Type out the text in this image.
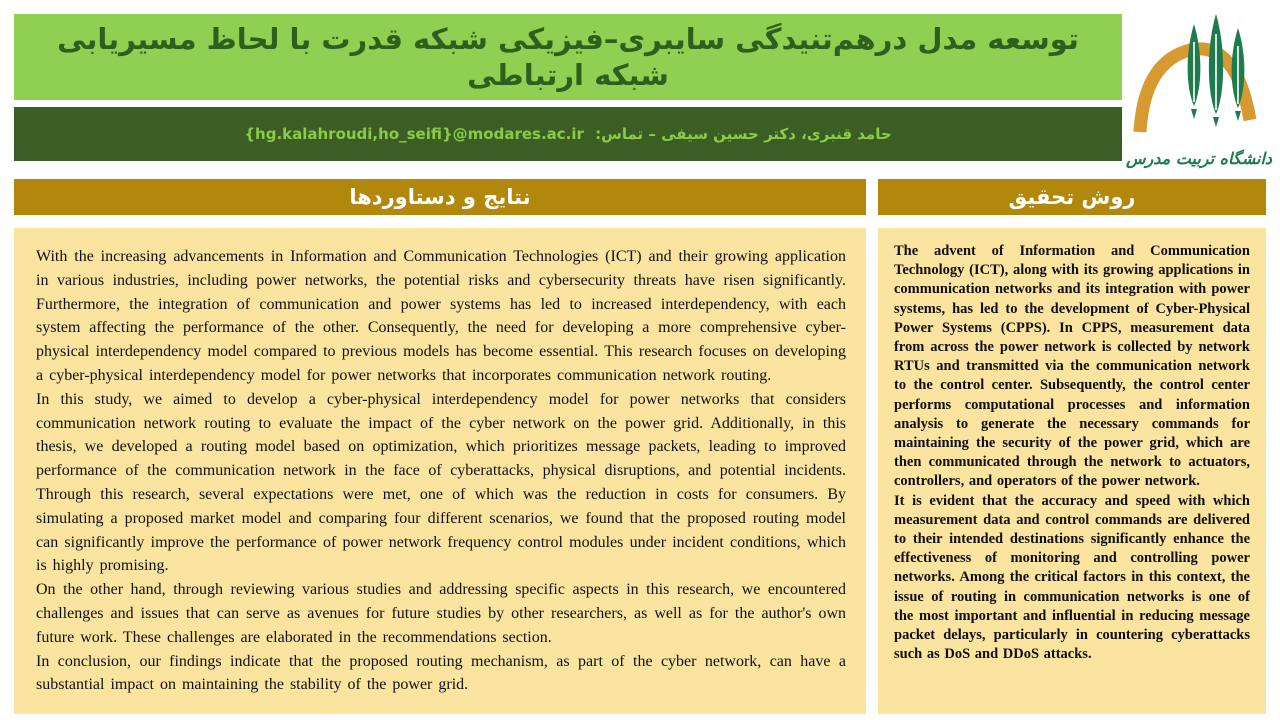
توسعه مدل درهم‌تنیدگی سایبری–فیزیکی شبکه قدرت با لحاظ مسیریابی شبکه ارتباطی
حامد قنبری، دکتر حسین سیفی – تماس: {hg.kalahroudi,ho_seifi}@modares.ac.ir
دانشگاه تربیت مدرس
نتایج و دستاوردها	روش تحقیق

With the increasing advancements in Information and Communication Technologies (ICT) and their growing application in various industries, including power networks, the potential risks and cybersecurity threats have risen significantly. Furthermore, the integration of communication and power systems has led to increased interdependency, with each system affecting the performance of the other. Consequently, the need for developing a more comprehensive cyber-physical interdependency model compared to previous models has become essential. This research focuses on developing a cyber-physical interdependency model for power networks that incorporates communication network routing.

In this study, we aimed to develop a cyber-physical interdependency model for power networks that considers communication network routing to evaluate the impact of the cyber network on the power grid. Additionally, in this thesis, we developed a routing model based on optimization, which prioritizes message packets, leading to improved performance of the communication network in the face of cyberattacks, physical disruptions, and potential incidents. Through this research, several expectations were met, one of which was the reduction in costs for consumers. By simulating a proposed market model and comparing four different scenarios, we found that the proposed routing model can significantly improve the performance of power network frequency control modules under incident conditions, which is highly promising.

On the other hand, through reviewing various studies and addressing specific aspects in this research, we encountered challenges and issues that can serve as avenues for future studies by other researchers, as well as for the author's own future work. These challenges are elaborated in the recommendations section.

In conclusion, our findings indicate that the proposed routing mechanism, as part of the cyber network, can have a substantial impact on maintaining the stability of the power grid.

The advent of Information and Communication Technology (ICT), along with its growing applications in communication networks and its integration with power systems, has led to the development of Cyber-Physical Power Systems (CPPS). In CPPS, measurement data from across the power network is collected by network RTUs and transmitted via the communication network to the control center. Subsequently, the control center performs computational processes and information analysis to generate the necessary commands for maintaining the security of the power grid, which are then communicated through the network to actuators, controllers, and operators of the power network.

It is evident that the accuracy and speed with which measurement data and control commands are delivered to their intended destinations significantly enhance the effectiveness of monitoring and controlling power networks. Among the critical factors in this context, the issue of routing in communication networks is one of the most important and influential in reducing message packet delays, particularly in countering cyberattacks such as DoS and DDoS attacks.
